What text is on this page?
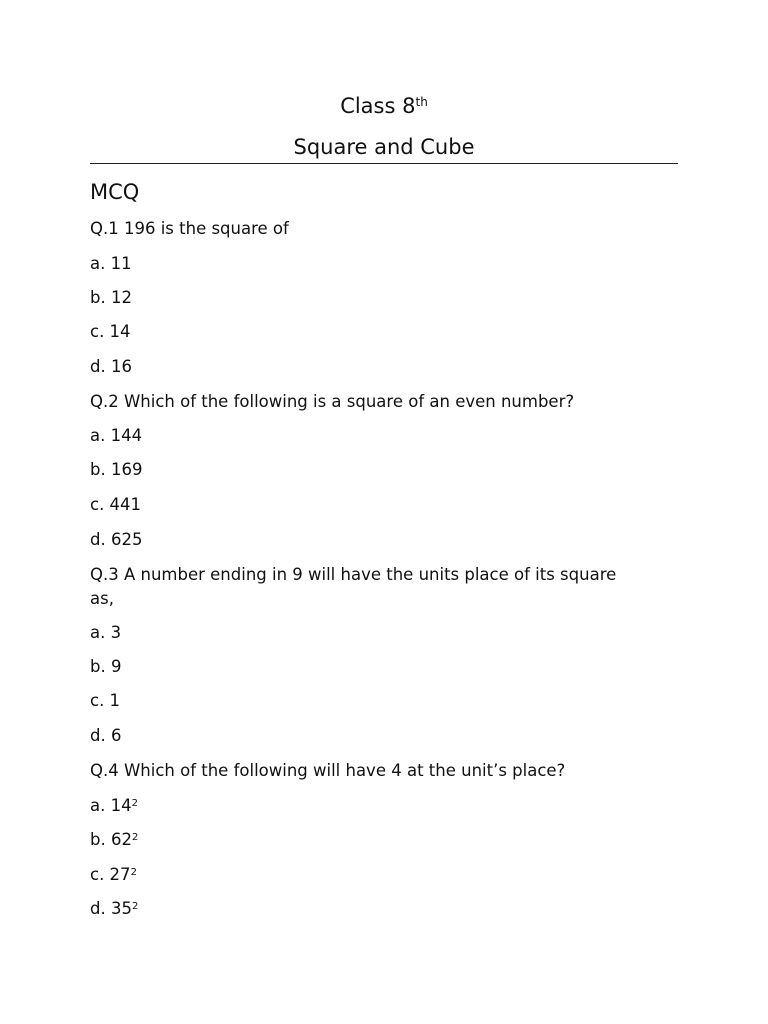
Class 8th
Square and Cube
MCQ
Q.1 196 is the square of
a. 11
b. 12
c. 14
d. 16
Q.2 Which of the following is a square of an even number?
a. 144
b. 169
c. 441
d. 625
Q.3 A number ending in 9 will have the units place of its square
as,
a. 3
b. 9
c. 1
d. 6
Q.4 Which of the following will have 4 at the unit’s place?
a. $14^2$
b. $62^2$
c. $27^2$
d. $35^2$
